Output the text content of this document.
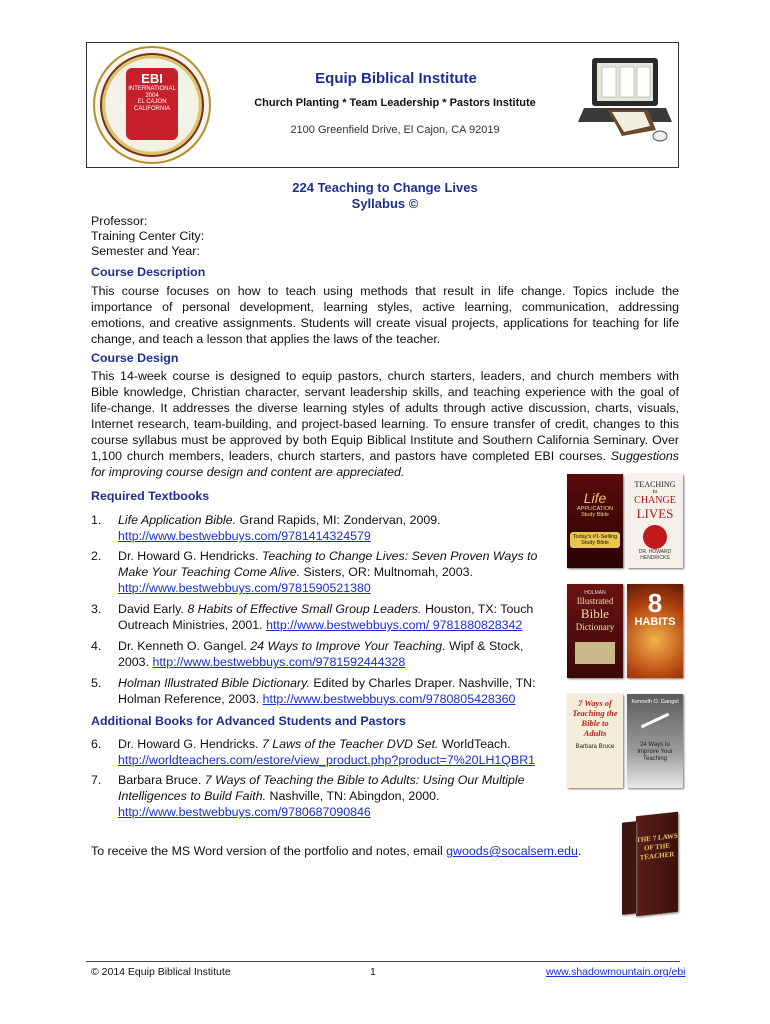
EBI
INTERNATIONAL
2004
EL CAJON
CALIFORNIA
Equip Biblical Institute
Church Planting * Team Leadership * Pastors Institute
2100 Greenfield Drive, El Cajon, CA 92019
224 Teaching to Change Lives
Syllabus ©
Professor:
Training Center City:
Semester and Year:
Course Description
This course focuses on how to teach using methods that result in life change. Topics include the importance of personal development, learning styles, active learning, communication, addressing emotions, and creative assignments. Students will create visual projects, applications for teaching for life change, and teach a lesson that applies the laws of the teacher.
Course Design
This 14-week course is designed to equip pastors, church starters, leaders, and church members with Bible knowledge, Christian character, servant leadership skills, and teaching experience with the goal of life-change. It addresses the diverse learning styles of adults through active discussion, charts, visuals, Internet research, team-building, and project-based learning. To ensure transfer of credit, changes to this course syllabus must be approved by both Equip Biblical Institute and Southern California Seminary. Over 1,100 church members, leaders, church starters, and pastors have completed EBI courses. Suggestions for improving course design and content are appreciated.
Required Textbooks
1. Life Application Bible. Grand Rapids, MI: Zondervan, 2009.
http://www.bestwebbuys.com/9781414324579
2. Dr. Howard G. Hendricks. Teaching to Change Lives: Seven Proven Ways to Make Your Teaching Come Alive. Sisters, OR: Multnomah, 2003.
http://www.bestwebbuys.com/9781590521380
3. David Early. 8 Habits of Effective Small Group Leaders. Houston, TX: Touch Outreach Ministries, 2001. http://www.bestwebbuys.com/ 9781880828342
4. Dr. Kenneth O. Gangel. 24 Ways to Improve Your Teaching. Wipf & Stock, 2003. http://www.bestwebbuys.com/9781592444328
5. Holman Illustrated Bible Dictionary. Edited by Charles Draper. Nashville, TN: Holman Reference, 2003. http://www.bestwebbuys.com/9780805428360
Additional Books for Advanced Students and Pastors
6. Dr. Howard G. Hendricks. 7 Laws of the Teacher DVD Set. WorldTeach.
http://worldteachers.com/estore/view_product.php?product=7%20LH1QBR1
7. Barbara Bruce. 7 Ways of Teaching the Bible to Adults: Using Our Multiple Intelligences to Build Faith. Nashville, TN: Abingdon, 2000.
http://www.bestwebbuys.com/9780687090846
To receive the MS Word version of the portfolio and notes, email gwoods@socalsem.edu.
Life
APPLICATION
Study Bible
Today's #1-Selling Study Bible
TEACHING
to
CHANGE
LIVES
DR. HOWARD HENDRICKS
HOLMAN
Illustrated
Bible
Dictionary
8
HABITS
7 Ways of Teaching the Bible to Adults
Barbara Bruce
Kenneth O. Gangel
24 Ways to Improve Your Teaching
THE 7 LAWS OF THE TEACHER
© 2014 Equip Biblical Institute	1	www.shadowmountain.org/ebi
